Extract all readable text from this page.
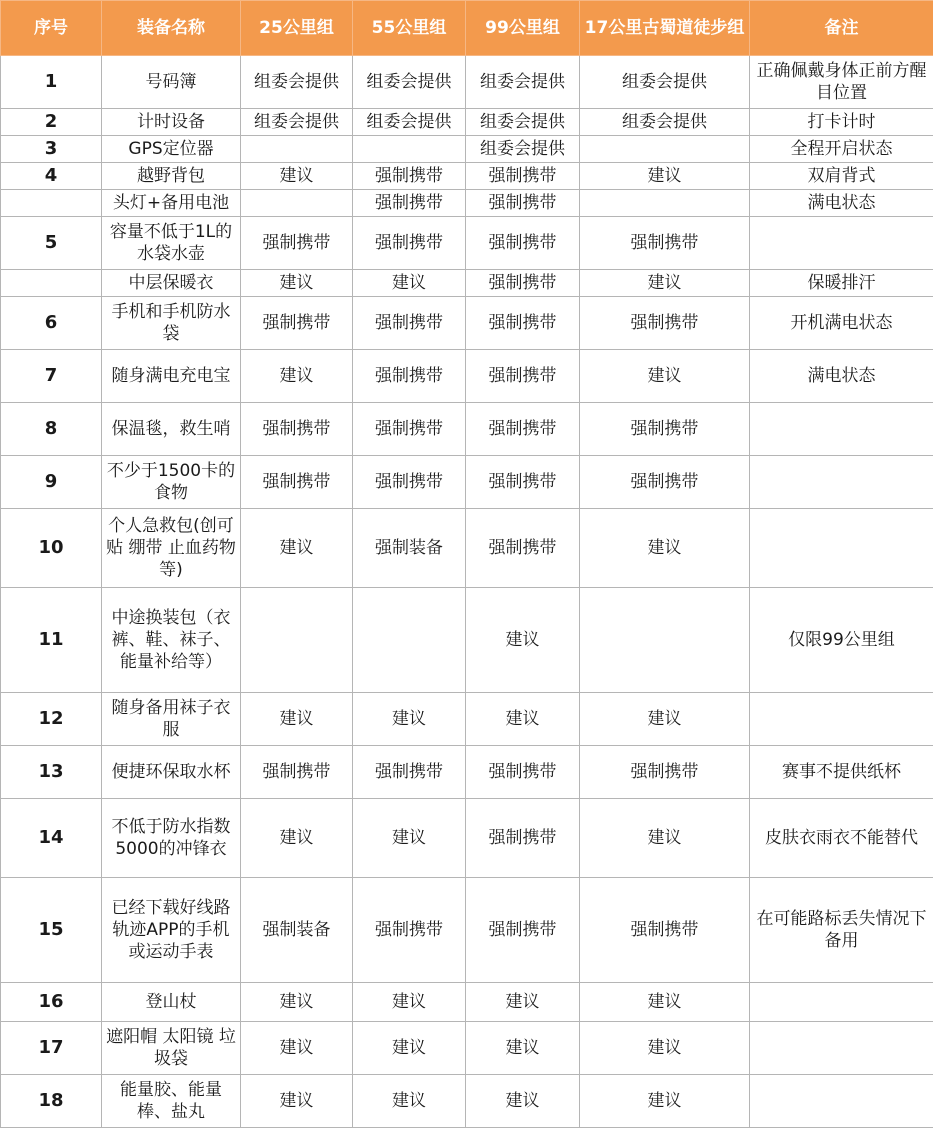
序号	装备名称	25公里组	55公里组	99公里组	17公里古蜀道徒步组	备注
1	号码簿	组委会提供	组委会提供	组委会提供	组委会提供	正确佩戴身体正前方醒目位置
2	计时设备	组委会提供	组委会提供	组委会提供	组委会提供	打卡计时
3	GPS定位器			组委会提供		全程开启状态
4	越野背包	建议	强制携带	强制携带	建议	双肩背式
	头灯+备用电池		强制携带	强制携带		满电状态
5	容量不低于1L的水袋水壶	强制携带	强制携带	强制携带	强制携带	
	中层保暖衣	建议	建议	强制携带	建议	保暖排汗
6	手机和手机防水袋	强制携带	强制携带	强制携带	强制携带	开机满电状态
7	随身满电充电宝	建议	强制携带	强制携带	建议	满电状态
8	保温毯，救生哨	强制携带	强制携带	强制携带	强制携带	
9	不少于1500卡的食物	强制携带	强制携带	强制携带	强制携带	
10	个人急救包(创可贴 绷带 止血药物等)	建议	强制装备	强制携带	建议	
11	中途换装包（衣裤、鞋、袜子、能量补给等）			建议		仅限99公里组
12	随身备用袜子衣服	建议	建议	建议	建议	
13	便捷环保取水杯	强制携带	强制携带	强制携带	强制携带	赛事不提供纸杯
14	不低于防水指数5000的冲锋衣	建议	建议	强制携带	建议	皮肤衣雨衣不能替代
15	已经下载好线路轨迹APP的手机或运动手表	强制装备	强制携带	强制携带	强制携带	在可能路标丢失情况下备用
16	登山杖	建议	建议	建议	建议	
17	遮阳帽 太阳镜 垃圾袋	建议	建议	建议	建议	
18	能量胶、能量棒、盐丸	建议	建议	建议	建议	
